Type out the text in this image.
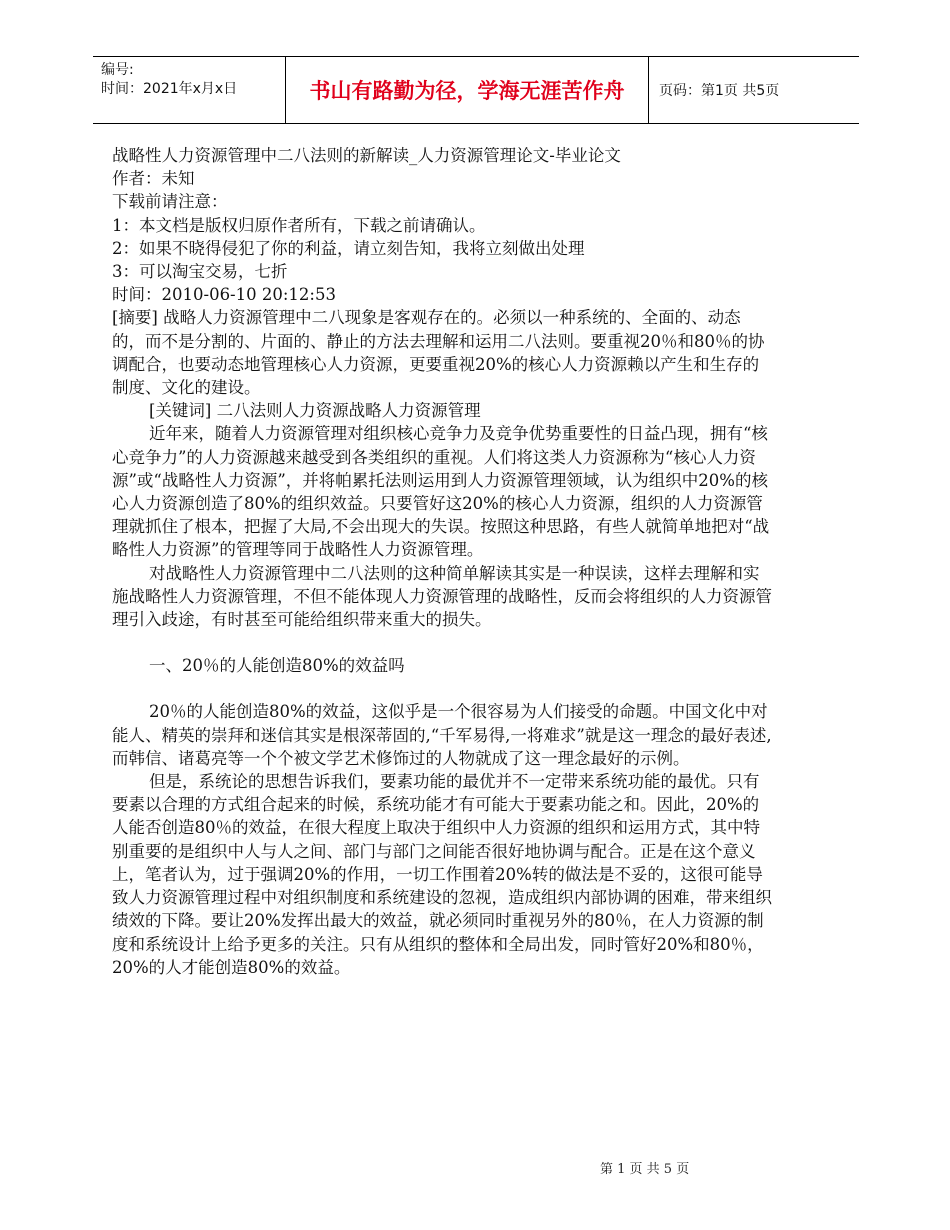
编号:
时间：2021年x月x日	书山有路勤为径，学海无涯苦作舟	页码：第1页 共5页

战略性人力资源管理中二八法则的新解读_人力资源管理论文-毕业论文

作者：未知

下载前请注意：

1：本文档是版权归原作者所有，下载之前请确认。

2：如果不晓得侵犯了你的利益，请立刻告知，我将立刻做出处理

3：可以淘宝交易，七折

时间：2010-06-10 20:12:53

[摘要] 战略人力资源管理中二八现象是客观存在的。必须以一种系统的、全面的、动态的，而不是分割的、片面的、静止的方法去理解和运用二八法则。要重视20％和80％的协调配合，也要动态地管理核心人力资源，更要重视20%的核心人力资源赖以产生和生存的制度、文化的建设。

[关键词] 二八法则人力资源战略人力资源管理

近年来，随着人力资源管理对组织核心竞争力及竞争优势重要性的日益凸现，拥有“核心竞争力”的人力资源越来越受到各类组织的重视。人们将这类人力资源称为“核心人力资源”或“战略性人力资源”，并将帕累托法则运用到人力资源管理领域，认为组织中20%的核心人力资源创造了80%的组织效益。只要管好这20%的核心人力资源，组织的人力资源管理就抓住了根本，把握了大局,不会出现大的失误。按照这种思路，有些人就简单地把对“战略性人力资源”的管理等同于战略性人力资源管理。

对战略性人力资源管理中二八法则的这种简单解读其实是一种误读，这样去理解和实施战略性人力资源管理，不但不能体现人力资源管理的战略性，反而会将组织的人力资源管理引入歧途，有时甚至可能给组织带来重大的损失。

一、20％的人能创造80%的效益吗

20％的人能创造80%的效益，这似乎是一个很容易为人们接受的命题。中国文化中对能人、精英的崇拜和迷信其实是根深蒂固的,“千军易得,一将难求”就是这一理念的最好表述,而韩信、诸葛亮等一个个被文学艺术修饰过的人物就成了这一理念最好的示例。

但是，系统论的思想告诉我们，要素功能的最优并不一定带来系统功能的最优。只有要素以合理的方式组合起来的时候，系统功能才有可能大于要素功能之和。因此，20%的人能否创造80％的效益，在很大程度上取决于组织中人力资源的组织和运用方式，其中特别重要的是组织中人与人之间、部门与部门之间能否很好地协调与配合。正是在这个意义上，笔者认为，过于强调20%的作用，一切工作围着20%转的做法是不妥的，这很可能导致人力资源管理过程中对组织制度和系统建设的忽视，造成组织内部协调的困难，带来组织绩效的下降。要让20%发挥出最大的效益，就必须同时重视另外的80％，在人力资源的制度和系统设计上给予更多的关注。只有从组织的整体和全局出发，同时管好20%和80％，20%的人才能创造80%的效益。

第 1 页 共 5 页
